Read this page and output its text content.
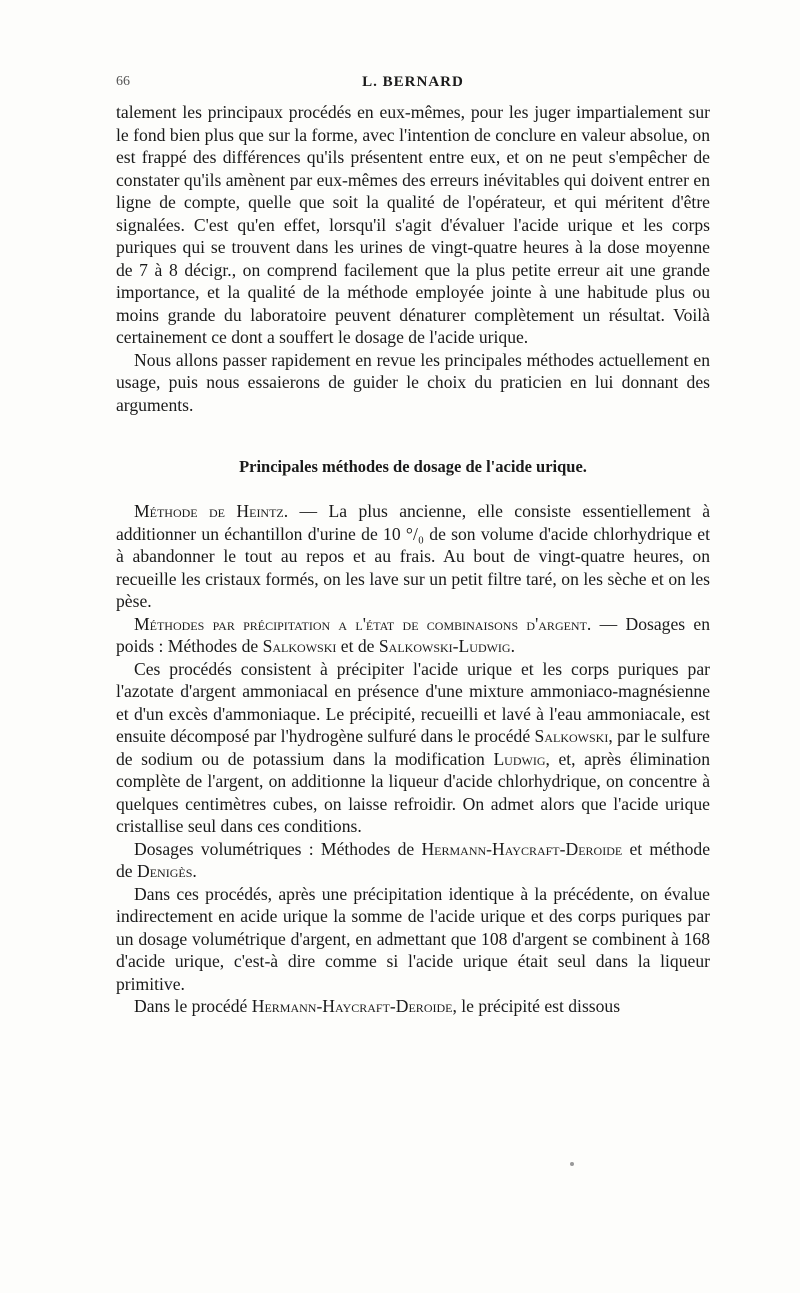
66	L. BERNARD

talement les principaux procédés en eux-mêmes, pour les juger impartialement sur le fond bien plus que sur la forme, avec l'intention de conclure en valeur absolue, on est frappé des différences qu'ils présentent entre eux, et on ne peut s'empêcher de constater qu'ils amènent par eux-mêmes des erreurs inévitables qui doivent entrer en ligne de compte, quelle que soit la qualité de l'opérateur, et qui méritent d'être signalées. C'est qu'en effet, lorsqu'il s'agit d'évaluer l'acide urique et les corps puriques qui se trouvent dans les urines de vingt-quatre heures à la dose moyenne de 7 à 8 décigr., on comprend facilement que la plus petite erreur ait une grande importance, et la qualité de la méthode employée jointe à une habitude plus ou moins grande du laboratoire peuvent dénaturer complètement un résultat. Voilà certainement ce dont a souffert le dosage de l'acide urique.

Nous allons passer rapidement en revue les principales méthodes actuellement en usage, puis nous essaierons de guider le choix du praticien en lui donnant des arguments.

Principales méthodes de dosage de l'acide urique.

Méthode de Heintz. — La plus ancienne, elle consiste essentiellement à additionner un échantillon d'urine de 10 °/₀ de son volume d'acide chlorhydrique et à abandonner le tout au repos et au frais. Au bout de vingt-quatre heures, on recueille les cristaux formés, on les lave sur un petit filtre taré, on les sèche et on les pèse.

Méthodes par précipitation a l'état de combinaisons d'argent. — Dosages en poids : Méthodes de Salkowski et de Salkowski-Ludwig.

Ces procédés consistent à précipiter l'acide urique et les corps puriques par l'azotate d'argent ammoniacal en présence d'une mixture ammoniaco-magnésienne et d'un excès d'ammoniaque. Le précipité, recueilli et lavé à l'eau ammoniacale, est ensuite décomposé par l'hydrogène sulfuré dans le procédé Salkowski, par le sulfure de sodium ou de potassium dans la modification Ludwig, et, après élimination complète de l'argent, on additionne la liqueur d'acide chlorhydrique, on concentre à quelques centimètres cubes, on laisse refroidir. On admet alors que l'acide urique cristallise seul dans ces conditions.

Dosages volumétriques : Méthodes de Hermann-Haycraft-Deroide et méthode de Denigès.

Dans ces procédés, après une précipitation identique à la précédente, on évalue indirectement en acide urique la somme de l'acide urique et des corps puriques par un dosage volumétrique d'argent, en admettant que 108 d'argent se combinent à 168 d'acide urique, c'est-à dire comme si l'acide urique était seul dans la liqueur primitive.

Dans le procédé Hermann-Haycraft-Deroide, le précipité est dissous
